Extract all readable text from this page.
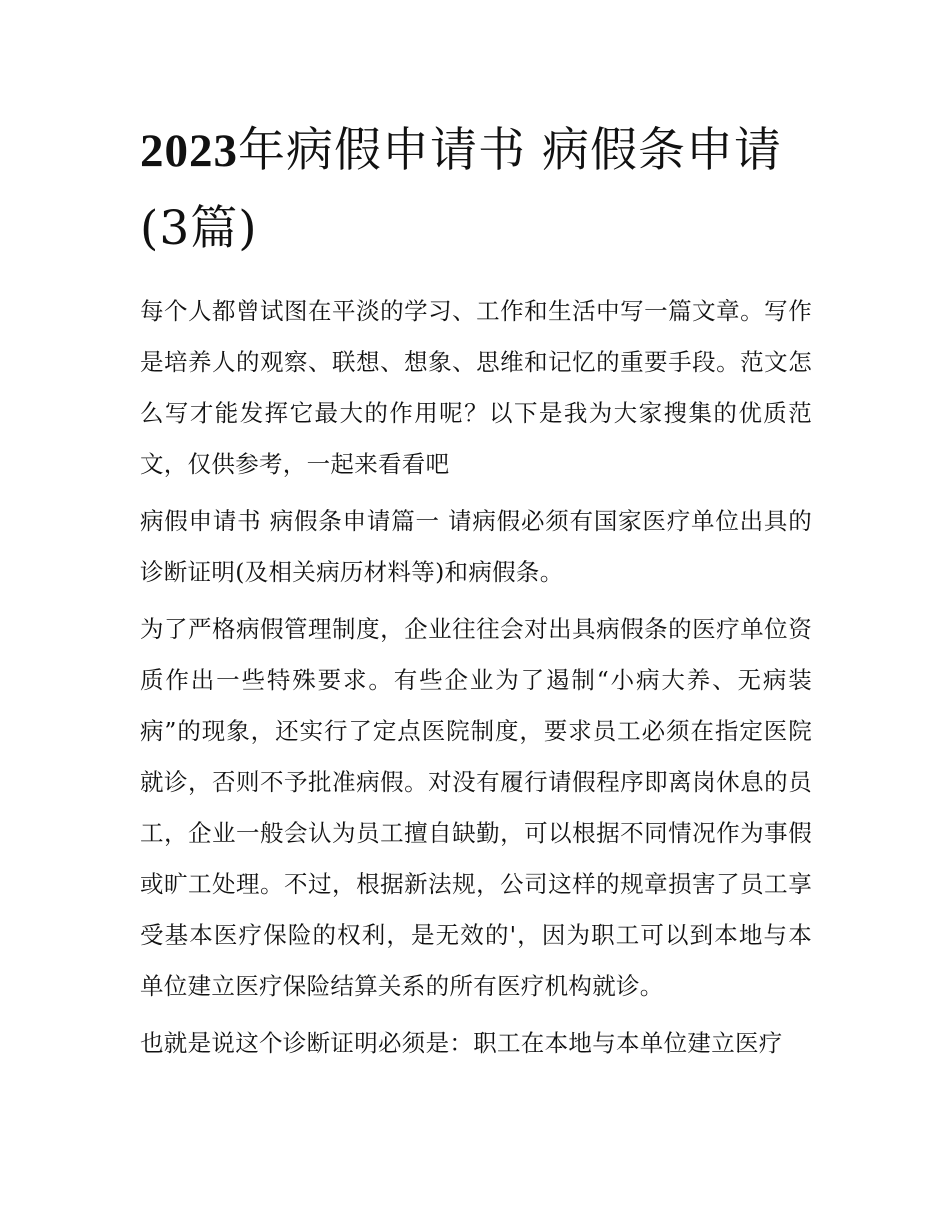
2023年病假申请书 病假条申请(3篇)

每个人都曾试图在平淡的学习、工作和生活中写一篇文章。写作是培养人的观察、联想、想象、思维和记忆的重要手段。范文怎么写才能发挥它最大的作用呢？以下是我为大家搜集的优质范文，仅供参考，一起来看看吧

病假申请书 病假条申请篇一 请病假必须有国家医疗单位出具的诊断证明(及相关病历材料等)和病假条。

为了严格病假管理制度，企业往往会对出具病假条的医疗单位资质作出一些特殊要求。有些企业为了遏制“小病大养、无病装病”的现象，还实行了定点医院制度，要求员工必须在指定医院就诊，否则不予批准病假。对没有履行请假程序即离岗休息的员工，企业一般会认为员工擅自缺勤，可以根据不同情况作为事假或旷工处理。不过，根据新法规，公司这样的规章损害了员工享受基本医疗保险的权利，是无效的'，因为职工可以到本地与本单位建立医疗保险结算关系的所有医疗机构就诊。

也就是说这个诊断证明必须是：职工在本地与本单位建立医疗
